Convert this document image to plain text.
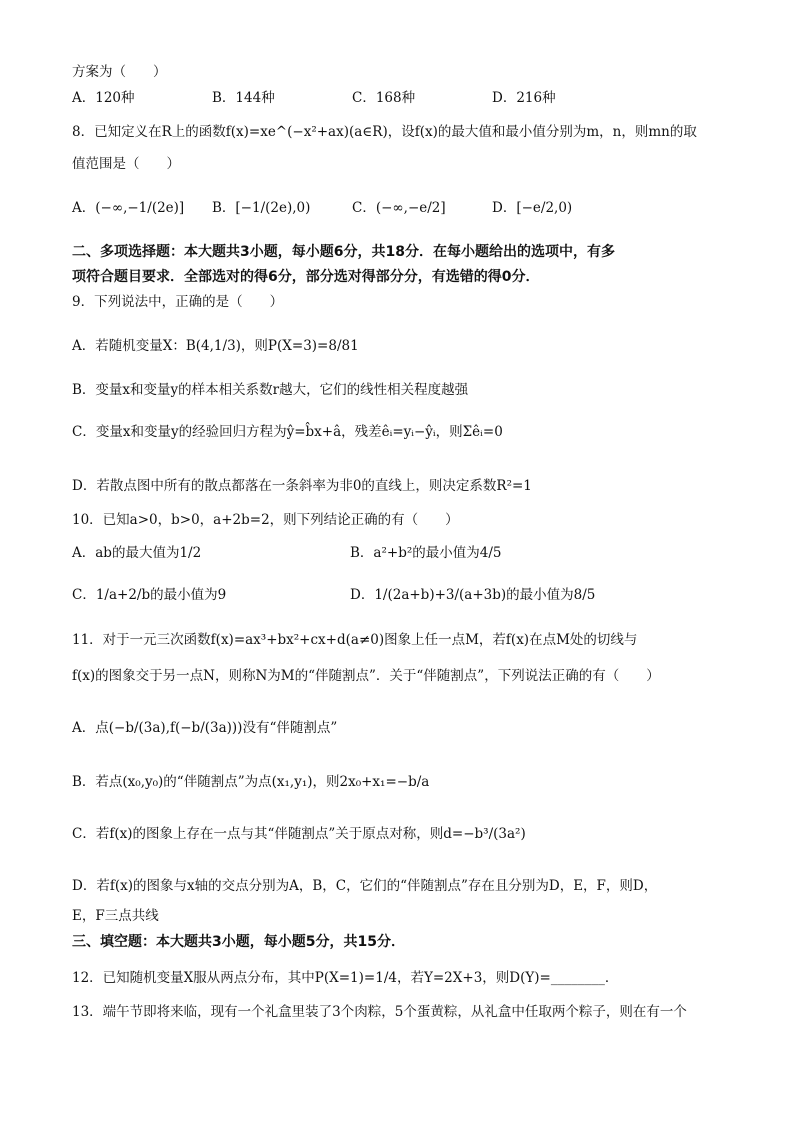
方案为（　　）
A．120种	B．144种	C．168种	D．216种
8．已知定义在R上的函数f(x)=xe^(−x²+ax)(a∈R)，设f(x)的最大值和最小值分别为m，n，则mn的取
值范围是（　　）
A．(−∞,−1/(2e)] B．[−1/(2e),0)	C．(−∞,−e/2]	D．[−e/2,0)
二、多项选择题：本大题共3小题，每小题6分，共18分．在每小题给出的选项中，有多
项符合题目要求．全部选对的得6分，部分选对得部分分，有选错的得0分．
9．下列说法中，正确的是（　　）
A．若随机变量X：B(4,1/3)，则P(X=3)=8/81
B．变量x和变量y的样本相关系数r越大，它们的线性相关程度越强
C．变量x和变量y的经验回归方程为ŷ=b̂x+â，残差êᵢ=yᵢ−ŷᵢ，则Σêᵢ=0
D．若散点图中所有的散点都落在一条斜率为非0的直线上，则决定系数R²=1
10．已知a>0，b>0，a+2b=2，则下列结论正确的有（　　）
A．ab的最大值为1/2	B．a²+b²的最小值为4/5
C．1/a+2/b的最小值为9	D．1/(2a+b)+3/(a+3b)的最小值为8/5
11．对于一元三次函数f(x)=ax³+bx²+cx+d(a≠0)图象上任一点M，若f(x)在点M处的切线与
f(x)的图象交于另一点N，则称N为M的“伴随割点”．关于“伴随割点”，下列说法正确的有（　　）
A．点(−b/(3a),f(−b/(3a)))没有“伴随割点”
B．若点(x₀,y₀)的“伴随割点”为点(x₁,y₁)，则2x₀+x₁=−b/a
C．若f(x)的图象上存在一点与其“伴随割点”关于原点对称，则d=−b³/(3a²)
D．若f(x)的图象与x轴的交点分别为A，B，C，它们的“伴随割点”存在且分别为D，E，F，则D，
E，F三点共线
三、填空题：本大题共3小题，每小题5分，共15分．
12．已知随机变量X服从两点分布，其中P(X=1)=1/4，若Y=2X+3，则D(Y)=________．
13．端午节即将来临，现有一个礼盒里装了3个肉粽，5个蛋黄粽，从礼盒中任取两个粽子，则在有一个
